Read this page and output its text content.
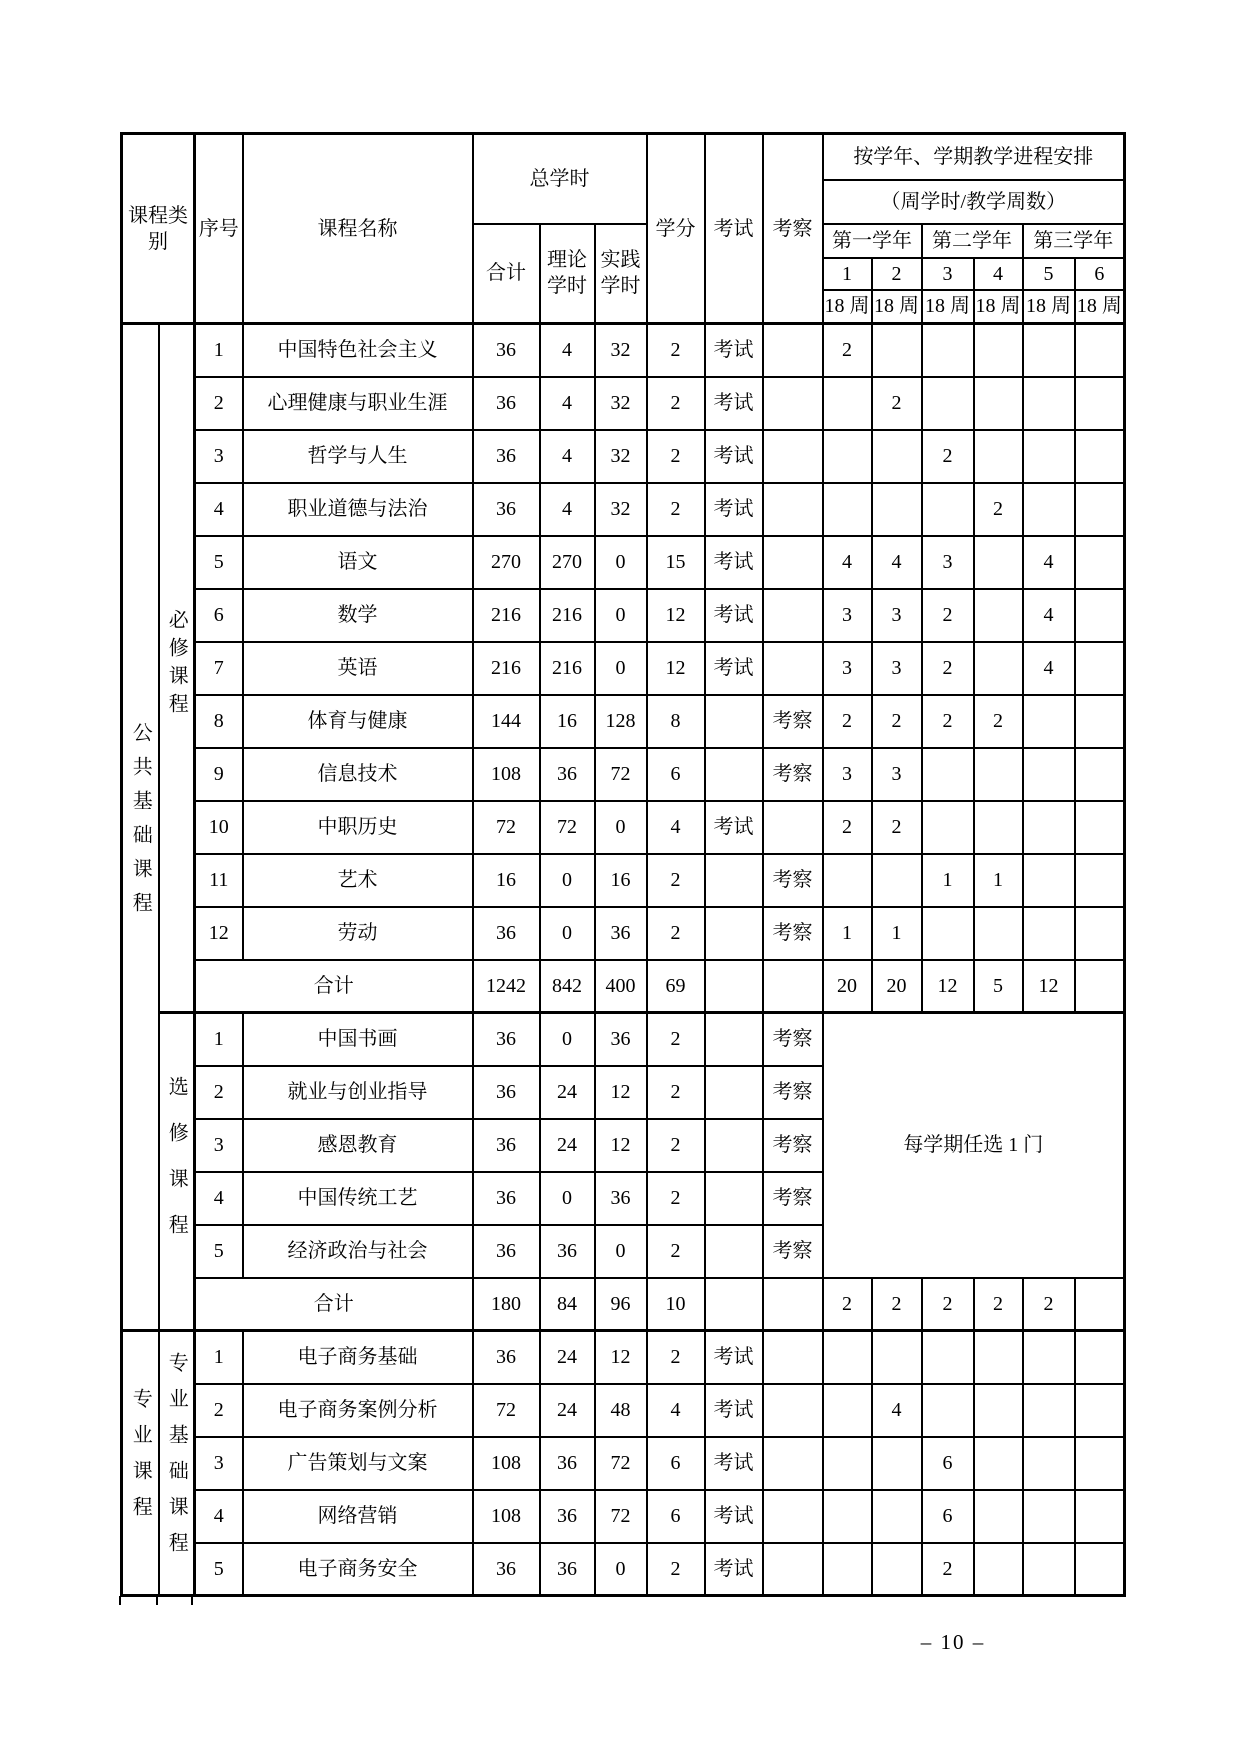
课程类别		序号	课程名称	总学时			学分	考试	考察	按学年、学期教学进程安排					
										（周学时/教学周数）					
				合计	理论学时	实践学时				第一学年		第二学年		第三学年	
										1	2	3	4	5	6
										18 周	18 周	18 周	18 周	18 周	18 周
公共基础课程	必修课程	1	中国特色社会主义	36	4	32	2	考试		2					
		2	心理健康与职业生涯	36	4	32	2	考试			2				
		3	哲学与人生	36	4	32	2	考试				2			
		4	职业道德与法治	36	4	32	2	考试					2		
		5	语文	270	270	0	15	考试		4	4	3		4	
		6	数学	216	216	0	12	考试		3	3	2		4	
		7	英语	216	216	0	12	考试		3	3	2		4	
		8	体育与健康	144	16	128	8		考察	2	2	2	2		
		9	信息技术	108	36	72	6		考察	3	3				
		10	中职历史	72	72	0	4	考试		2	2				
		11	艺术	16	0	16	2		考察			1	1		
		12	劳动	36	0	36	2		考察	1	1				
		合计		1242	842	400	69			20	20	12	5	12	
	选修课程	1	中国书画	36	0	36	2		考察	每学期任选 1 门					
		2	就业与创业指导	36	24	12	2		考察						
		3	感恩教育	36	24	12	2		考察						
		4	中国传统工艺	36	0	36	2		考察						
		5	经济政治与社会	36	36	0	2		考察						
		合计		180	84	96	10			2	2	2	2	2	
专业课程	专业基础课程	1	电子商务基础	36	24	12	2	考试							
		2	电子商务案例分析	72	24	48	4	考试			4				
		3	广告策划与文案	108	36	72	6	考试				6			
		4	网络营销	108	36	72	6	考试				6			
		5	电子商务安全	36	36	0	2	考试				2			
– 10 –
